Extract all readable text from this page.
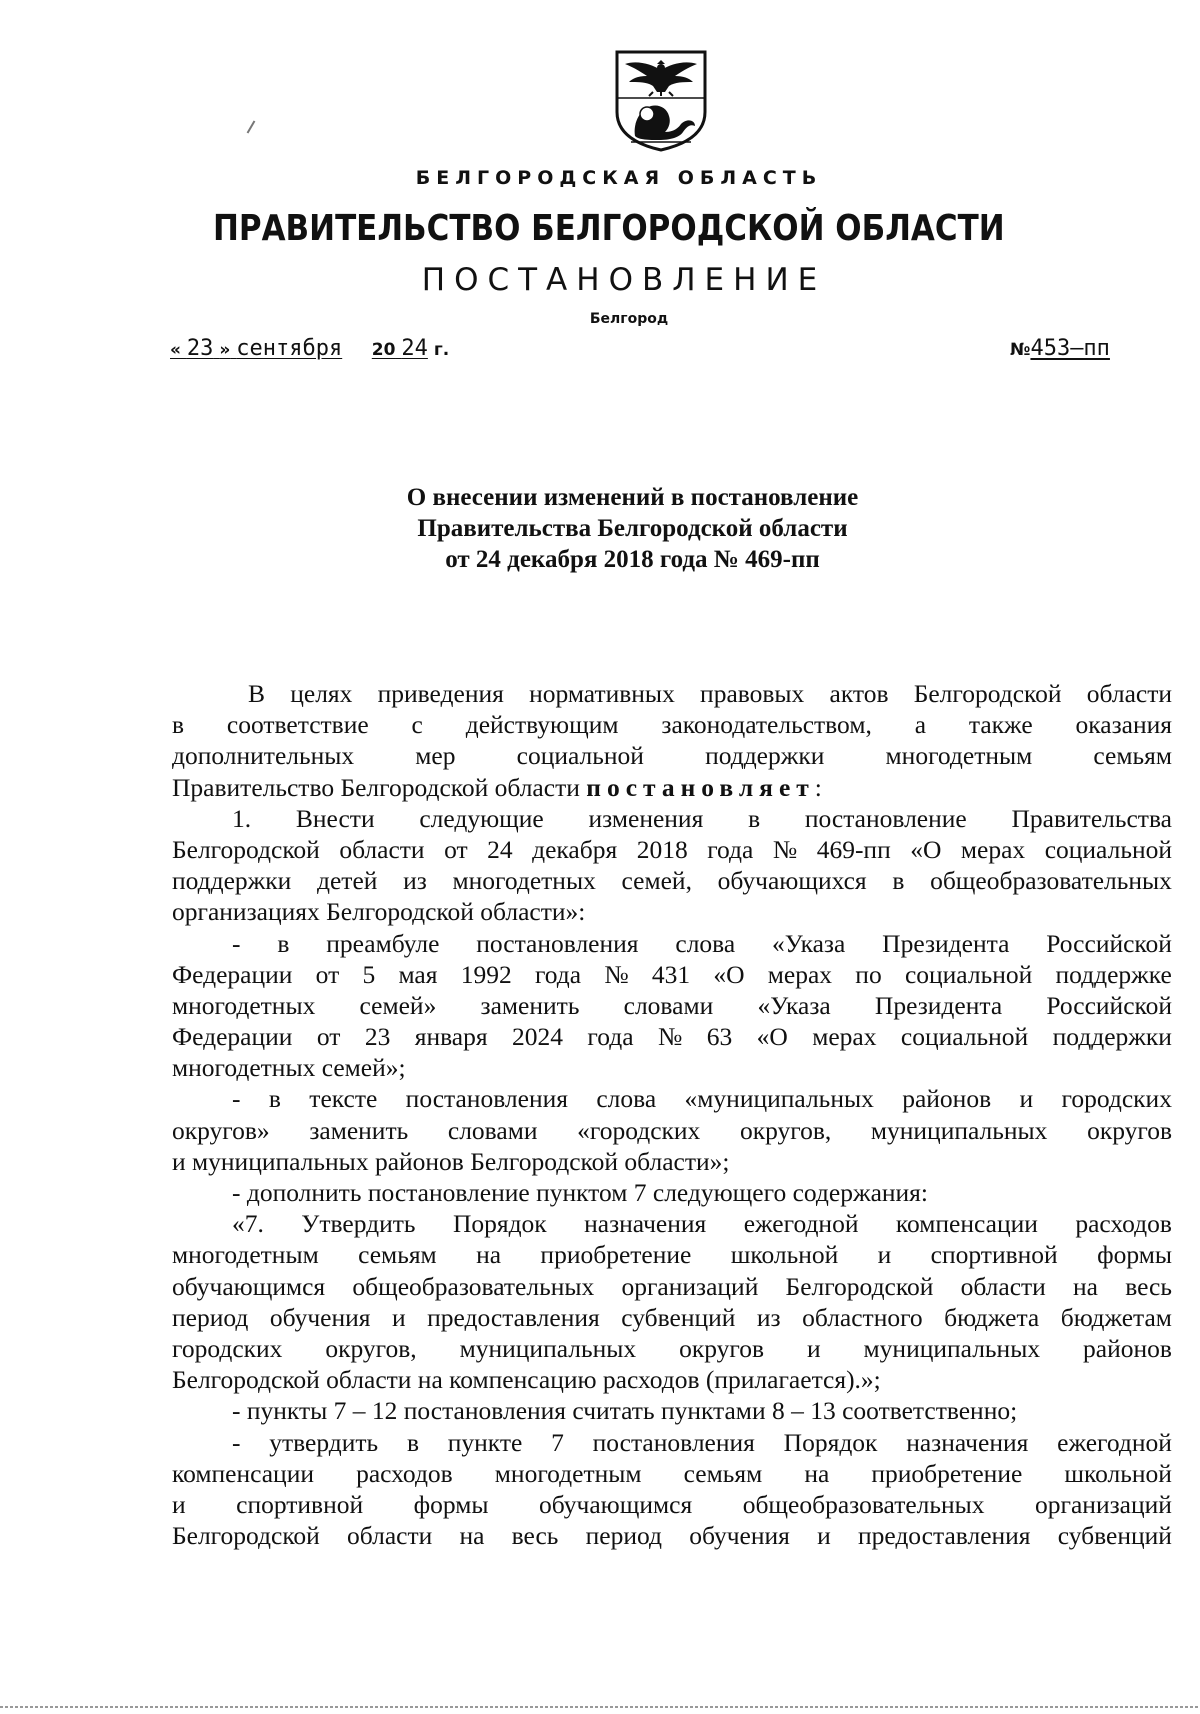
БЕЛГОРОДСКАЯ ОБЛАСТЬ
ПРАВИТЕЛЬСТВО БЕЛГОРОДСКОЙ ОБЛАСТИ
ПОСТАНОВЛЕНИЕ
Белгород
« 23 » сентября 20 24 г.	№453–пп
О внесении изменений в постановление
Правительства Белгородской области
от 24 декабря 2018 года № 469-пп
В целях приведения нормативных правовых актов Белгородской области
в соответствие с действующим законодательством, а также оказания
дополнительных мер социальной поддержки многодетным семьям
Правительство Белгородской области постановляет :
1. Внести следующие изменения в постановление Правительства
Белгородской области от 24 декабря 2018 года № 469-пп «О мерах социальной
поддержки детей из многодетных семей, обучающихся в общеобразовательных
организациях Белгородской области»:
- в преамбуле постановления слова «Указа Президента Российской
Федерации от 5 мая 1992 года № 431 «О мерах по социальной поддержке
многодетных семей» заменить словами «Указа Президента Российской
Федерации от 23 января 2024 года № 63 «О мерах социальной поддержки
многодетных семей»;
- в тексте постановления слова «муниципальных районов и городских
округов» заменить словами «городских округов, муниципальных округов
и муниципальных районов Белгородской области»;
- дополнить постановление пунктом 7 следующего содержания:
«7. Утвердить Порядок назначения ежегодной компенсации расходов
многодетным семьям на приобретение школьной и спортивной формы
обучающимся общеобразовательных организаций Белгородской области на весь
период обучения и предоставления субвенций из областного бюджета бюджетам
городских округов, муниципальных округов и муниципальных районов
Белгородской области на компенсацию расходов (прилагается).»;
- пункты 7 – 12 постановления считать пунктами 8 – 13 соответственно;
- утвердить в пункте 7 постановления Порядок назначения ежегодной
компенсации расходов многодетным семьям на приобретение школьной
и спортивной формы обучающимся общеобразовательных организаций
Белгородской области на весь период обучения и предоставления субвенций
